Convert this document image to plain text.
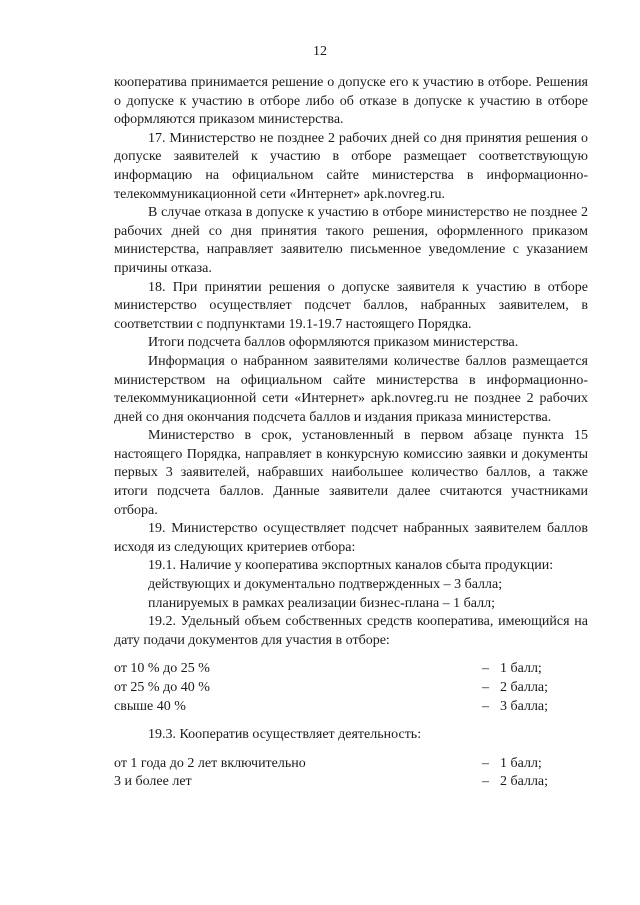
12

кооператива принимается решение о допуске его к участию в отборе. Решения о допуске к участию в отборе либо об отказе в допуске к участию в отборе оформляются приказом министерства.

17. Министерство не позднее 2 рабочих дней со дня принятия решения о допуске заявителей к участию в отборе размещает соответствующую информацию на официальном сайте министерства в информационно-телекоммуникационной сети «Интернет» apk.novreg.ru.

В случае отказа в допуске к участию в отборе министерство не позднее 2 рабочих дней со дня принятия такого решения, оформленного приказом министерства, направляет заявителю письменное уведомление с указанием причины отказа.

18. При принятии решения о допуске заявителя к участию в отборе министерство осуществляет подсчет баллов, набранных заявителем, в соответствии с подпунктами 19.1-19.7 настоящего Порядка.

Итоги подсчета баллов оформляются приказом министерства.

Информация о набранном заявителями количестве баллов размещается министерством на официальном сайте министерства в информационно-телекоммуникационной сети «Интернет» apk.novreg.ru не позднее 2 рабочих дней со дня окончания подсчета баллов и издания приказа министерства.

Министерство в срок, установленный в первом абзаце пункта 15 настоящего Порядка, направляет в конкурсную комиссию заявки и документы первых 3 заявителей, набравших наибольшее количество баллов, а также итоги подсчета баллов. Данные заявители далее считаются участниками отбора.

19. Министерство осуществляет подсчет набранных заявителем баллов исходя из следующих критериев отбора:

19.1. Наличие у кооператива экспортных каналов сбыта продукции:

действующих и документально подтвержденных – 3 балла;

планируемых в рамках реализации бизнес-плана – 1 балл;

19.2. Удельный объем собственных средств кооператива, имеющийся на дату подачи документов для участия в отборе:

от 10 % до 25 %	– 1 балл;
от 25 % до 40 %	– 2 балла;
свыше 40 %	– 3 балла;

19.3. Кооператив осуществляет деятельность:

от 1 года до 2 лет включительно	– 1 балл;
3 и более лет	– 2 балла;
